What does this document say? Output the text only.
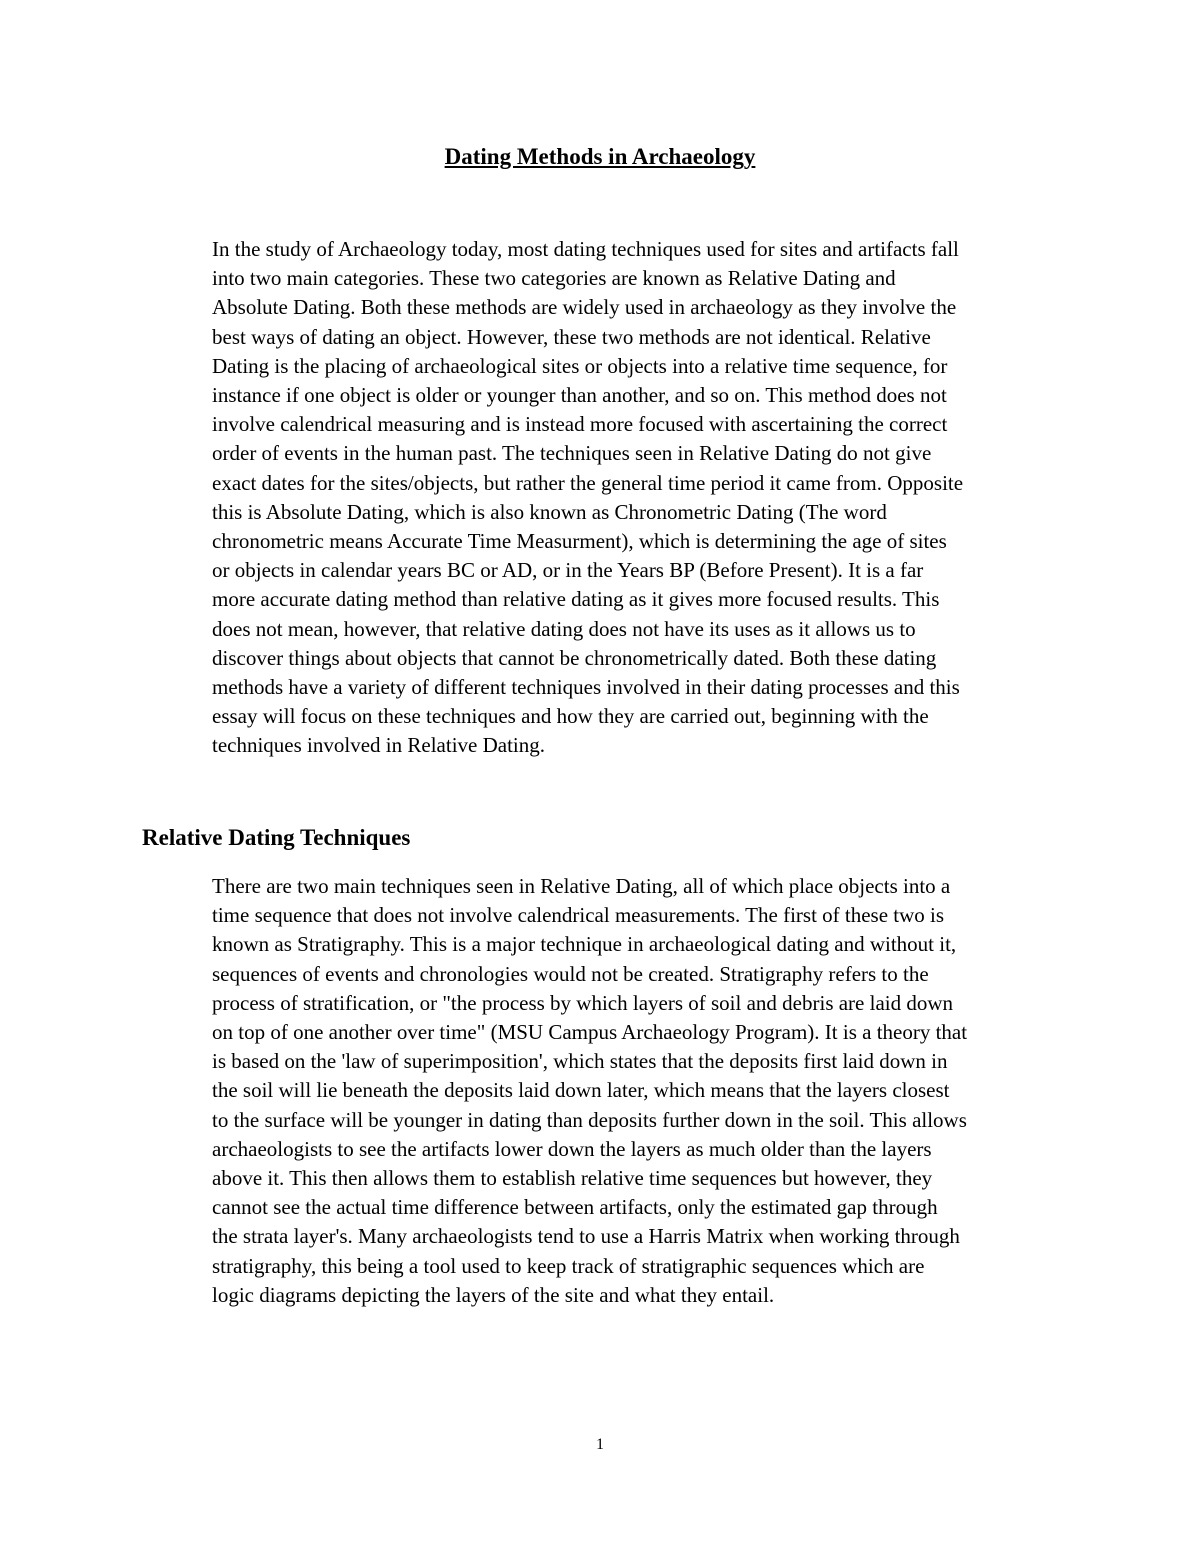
Dating Methods in Archaeology
In the study of Archaeology today, most dating techniques used for sites and artifacts fall
into two main categories. These two categories are known as Relative Dating and
Absolute Dating. Both these methods are widely used in archaeology as they involve the
best ways of dating an object. However, these two methods are not identical. Relative
Dating is the placing of archaeological sites or objects into a relative time sequence, for
instance if one object is older or younger than another, and so on. This method does not
involve calendrical measuring and is instead more focused with ascertaining the correct
order of events in the human past. The techniques seen in Relative Dating do not give
exact dates for the sites/objects, but rather the general time period it came from. Opposite
this is Absolute Dating, which is also known as Chronometric Dating (The word
chronometric means Accurate Time Measurment), which is determining the age of sites
or objects in calendar years BC or AD, or in the Years BP (Before Present). It is a far
more accurate dating method than relative dating as it gives more focused results. This
does not mean, however, that relative dating does not have its uses as it allows us to
discover things about objects that cannot be chronometrically dated. Both these dating
methods have a variety of different techniques involved in their dating processes and this
essay will focus on these techniques and how they are carried out, beginning with the
techniques involved in Relative Dating.
Relative Dating Techniques
There are two main techniques seen in Relative Dating, all of which place objects into a
time sequence that does not involve calendrical measurements. The first of these two is
known as Stratigraphy. This is a major technique in archaeological dating and without it,
sequences of events and chronologies would not be created. Stratigraphy refers to the
process of stratification, or "the process by which layers of soil and debris are laid down
on top of one another over time" (MSU Campus Archaeology Program). It is a theory that
is based on the 'law of superimposition', which states that the deposits first laid down in
the soil will lie beneath the deposits laid down later, which means that the layers closest
to the surface will be younger in dating than deposits further down in the soil. This allows
archaeologists to see the artifacts lower down the layers as much older than the layers
above it. This then allows them to establish relative time sequences but however, they
cannot see the actual time difference between artifacts, only the estimated gap through
the strata layer's. Many archaeologists tend to use a Harris Matrix when working through
stratigraphy, this being a tool used to keep track of stratigraphic sequences which are
logic diagrams depicting the layers of the site and what they entail.
1
